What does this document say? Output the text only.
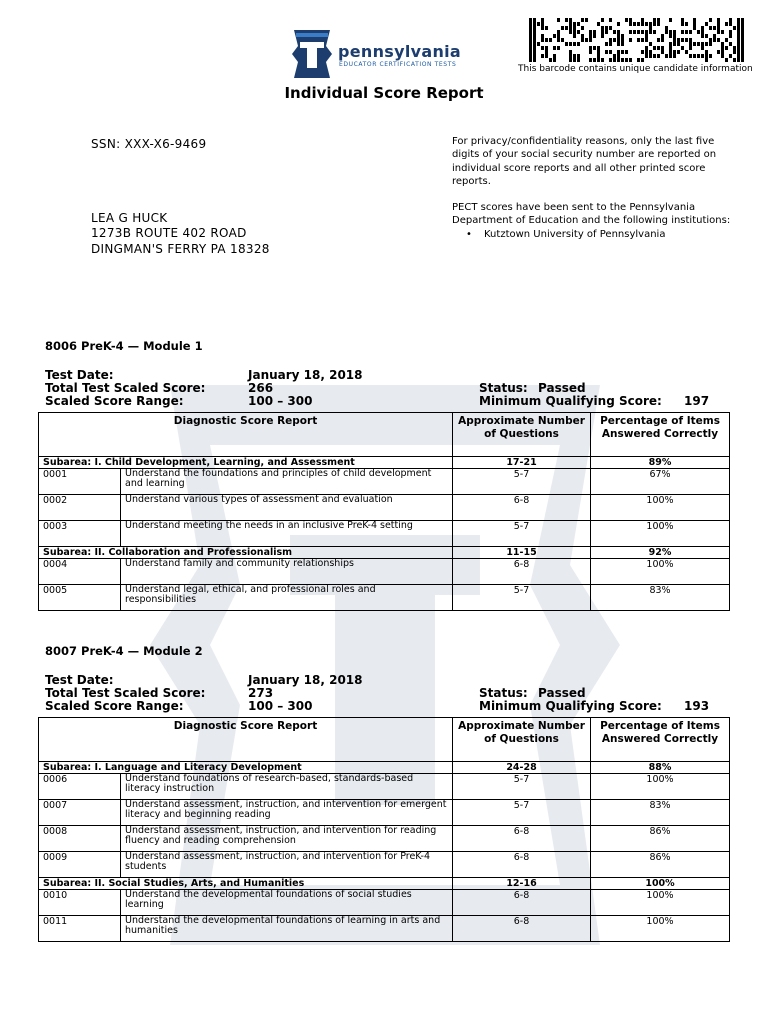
pennsylvania
EDUCATOR CERTIFICATION TESTS	This barcode contains unique candidate information
Individual Score Report
SSN: XXX-X6-9469
LEA G HUCK
1273B ROUTE 402 ROAD
DINGMAN'S FERRY PA 18328

For privacy/confidentiality reasons, only the last five digits of your social security number are reported on individual score reports and all other printed score reports.

PECT scores have been sent to the Pennsylvania Department of Education and the following institutions:

• Kutztown University of Pennsylvania
8006 PreK-4 — Module 1
Test Date:	January 18, 2018
Total Test Scaled Score:	266
Scaled Score Range:	100 – 300
Status: Passed
Minimum Qualifying Score: 197
Diagnostic Score Report		Approximate Number of Questions	Percentage of Items Answered Correctly
Subarea: I. Child Development, Learning, and Assessment		17-21	89%
0001	Understand the foundations and principles of child development and learning	5-7	67%
0002	Understand various types of assessment and evaluation	6-8	100%
0003	Understand meeting the needs in an inclusive PreK-4 setting	5-7	100%
Subarea: II. Collaboration and Professionalism		11-15	92%
0004	Understand family and community relationships	6-8	100%
0005	Understand legal, ethical, and professional roles and responsibilities	5-7	83%
8007 PreK-4 — Module 2
Test Date:	January 18, 2018
Total Test Scaled Score:	273
Scaled Score Range:	100 – 300
Status: Passed
Minimum Qualifying Score: 193
Diagnostic Score Report		Approximate Number of Questions	Percentage of Items Answered Correctly
Subarea: I. Language and Literacy Development		24-28	88%
0006	Understand foundations of research-based, standards-based literacy instruction	5-7	100%
0007	Understand assessment, instruction, and intervention for emergent literacy and beginning reading	5-7	83%
0008	Understand assessment, instruction, and intervention for reading fluency and reading comprehension	6-8	86%
0009	Understand assessment, instruction, and intervention for PreK-4 students	6-8	86%
Subarea: II. Social Studies, Arts, and Humanities		12-16	100%
0010	Understand the developmental foundations of social studies learning	6-8	100%
0011	Understand the developmental foundations of learning in arts and humanities	6-8	100%
